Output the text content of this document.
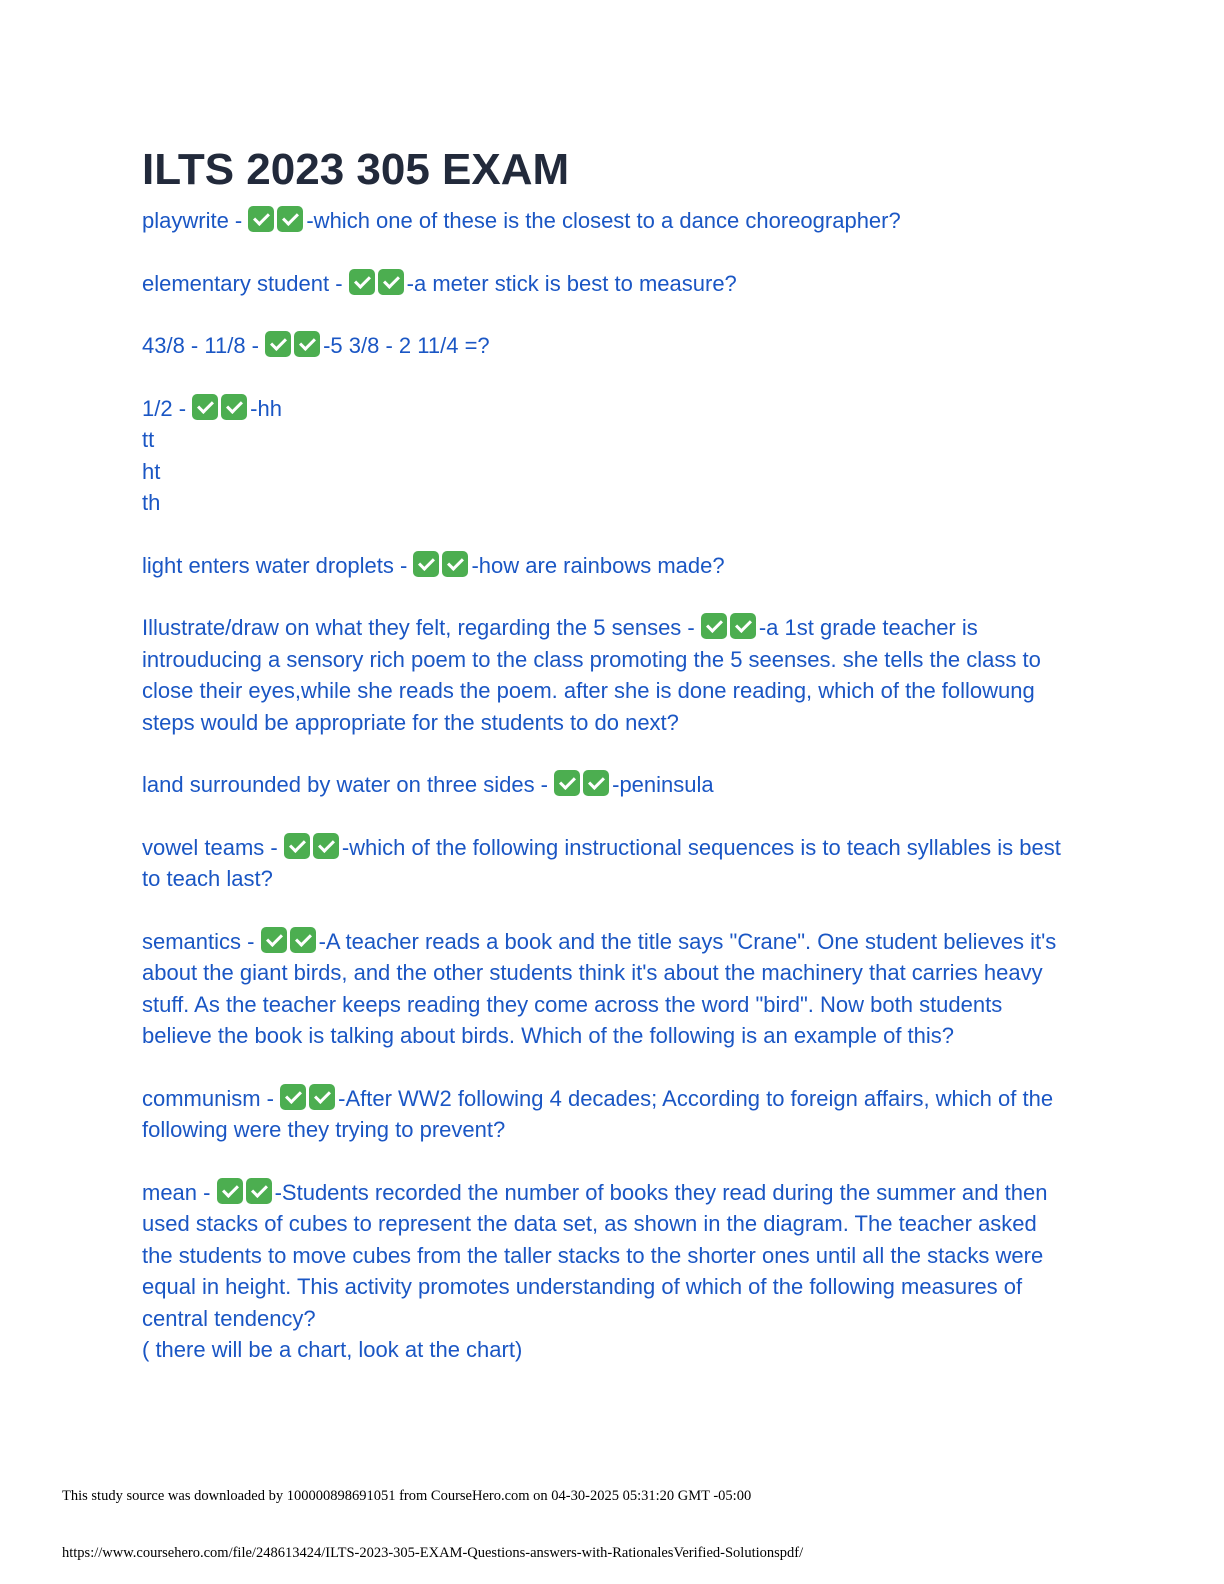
ILTS 2023 305 EXAM

playwrite -	-which one of these is the closest to a dance choreographer?

elementary student -	-a meter stick is best to measure?

43/8 - 11/8 -	-5 3/8 - 2 11/4 =?

1/2 -	-hh
tt
ht
th

light enters water droplets -	-how are rainbows made?

Illustrate/draw on what they felt, regarding the 5 senses -	-a 1st grade teacher is introuducing a sensory rich poem to the class promoting the 5 seenses. she tells the class to close their eyes,while she reads the poem. after she is done reading, which of the followung steps would be appropriate for the students to do next?

land surrounded by water on three sides -	-peninsula

vowel teams -	-which of the following instructional sequences is to teach syllables is best to teach last?

semantics -	-A teacher reads a book and the title says "Crane". One student believes it's about the giant birds, and the other students think it's about the machinery that carries heavy stuff. As the teacher keeps reading they come across the word "bird". Now both students believe the book is talking about birds. Which of the following is an example of this?

communism -	-After WW2 following 4 decades; According to foreign affairs, which of the following were they trying to prevent?

mean -	-Students recorded the number of books they read during the summer and then used stacks of cubes to represent the data set, as shown in the diagram. The teacher asked the students to move cubes from the taller stacks to the shorter ones until all the stacks were equal in height. This activity promotes understanding of which of the following measures of central tendency?
( there will be a chart, look at the chart)

This study source was downloaded by 100000898691051 from CourseHero.com on 04-30-2025 05:31:20 GMT -05:00

https://www.coursehero.com/file/248613424/ILTS-2023-305-EXAM-Questions-answers-with-RationalesVerified-Solutionspdf/
